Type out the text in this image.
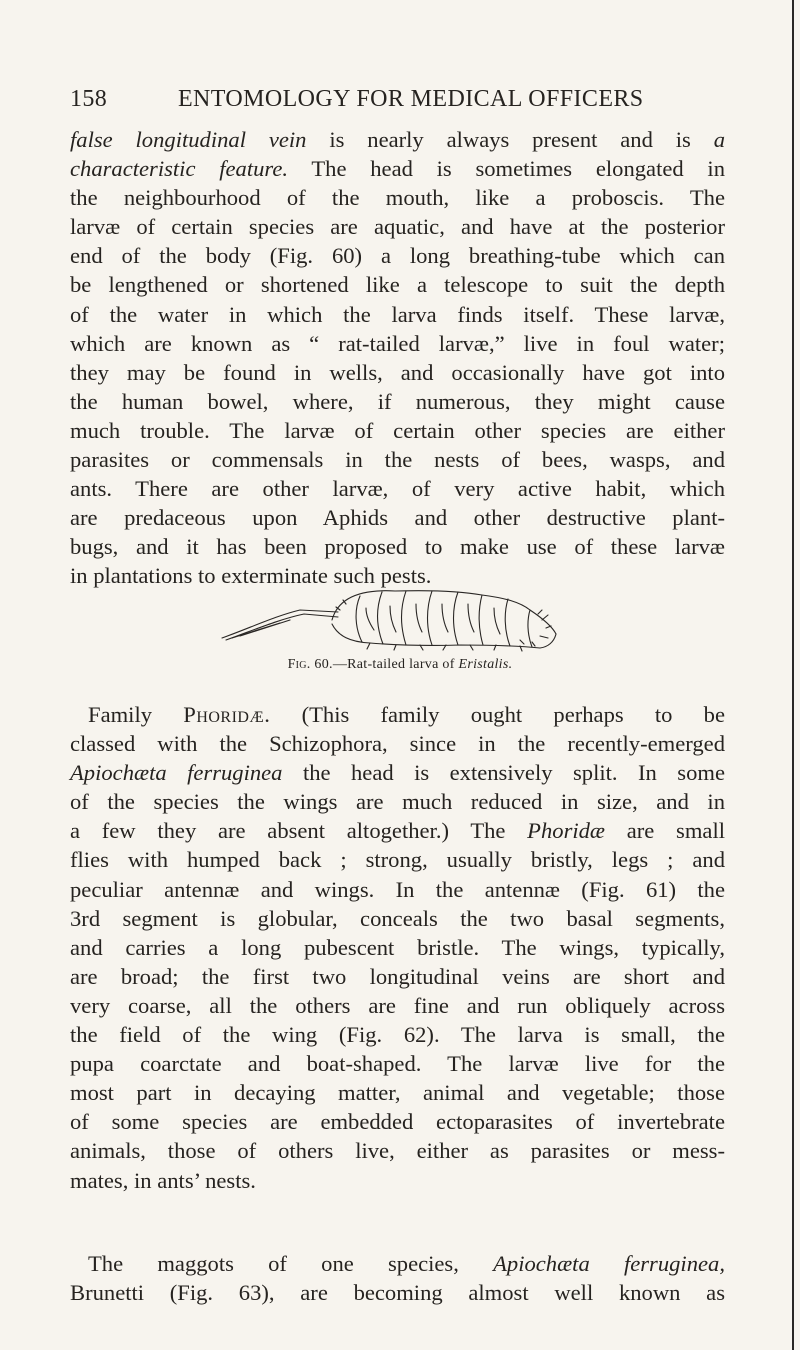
158	ENTOMOLOGY FOR MEDICAL OFFICERS
false longitudinal vein is nearly always present and is a
characteristic feature. The head is sometimes elongated in
the neighbourhood of the mouth, like a proboscis. The
larvæ of certain species are aquatic, and have at the posterior
end of the body (Fig. 60) a long breathing-tube which can
be lengthened or shortened like a telescope to suit the depth
of the water in which the larva finds itself. These larvæ,
which are known as “ rat-tailed larvæ,” live in foul water;
they may be found in wells, and occasionally have got into
the human bowel, where, if numerous, they might cause
much trouble. The larvæ of certain other species are either
parasites or commensals in the nests of bees, wasps, and
ants. There are other larvæ, of very active habit, which
are predaceous upon Aphids and other destructive plant-
bugs, and it has been proposed to make use of these larvæ
in plantations to exterminate such pests.
Fig. 60.—Rat-tailed larva of Eristalis.
Family Phoridæ. (This family ought perhaps to be
classed with the Schizophora, since in the recently-emerged
Apiochæta ferruginea the head is extensively split. In some
of the species the wings are much reduced in size, and in
a few they are absent altogether.) The Phoridæ are small
flies with humped back ; strong, usually bristly, legs ; and
peculiar antennæ and wings. In the antennæ (Fig. 61) the
3rd segment is globular, conceals the two basal segments,
and carries a long pubescent bristle. The wings, typically,
are broad; the first two longitudinal veins are short and
very coarse, all the others are fine and run obliquely across
the field of the wing (Fig. 62). The larva is small, the
pupa coarctate and boat-shaped. The larvæ live for the
most part in decaying matter, animal and vegetable; those
of some species are embedded ectoparasites of invertebrate
animals, those of others live, either as parasites or mess-
mates, in ants’ nests.
The maggots of one species, Apiochæta ferruginea,
Brunetti (Fig. 63), are becoming almost well known as
